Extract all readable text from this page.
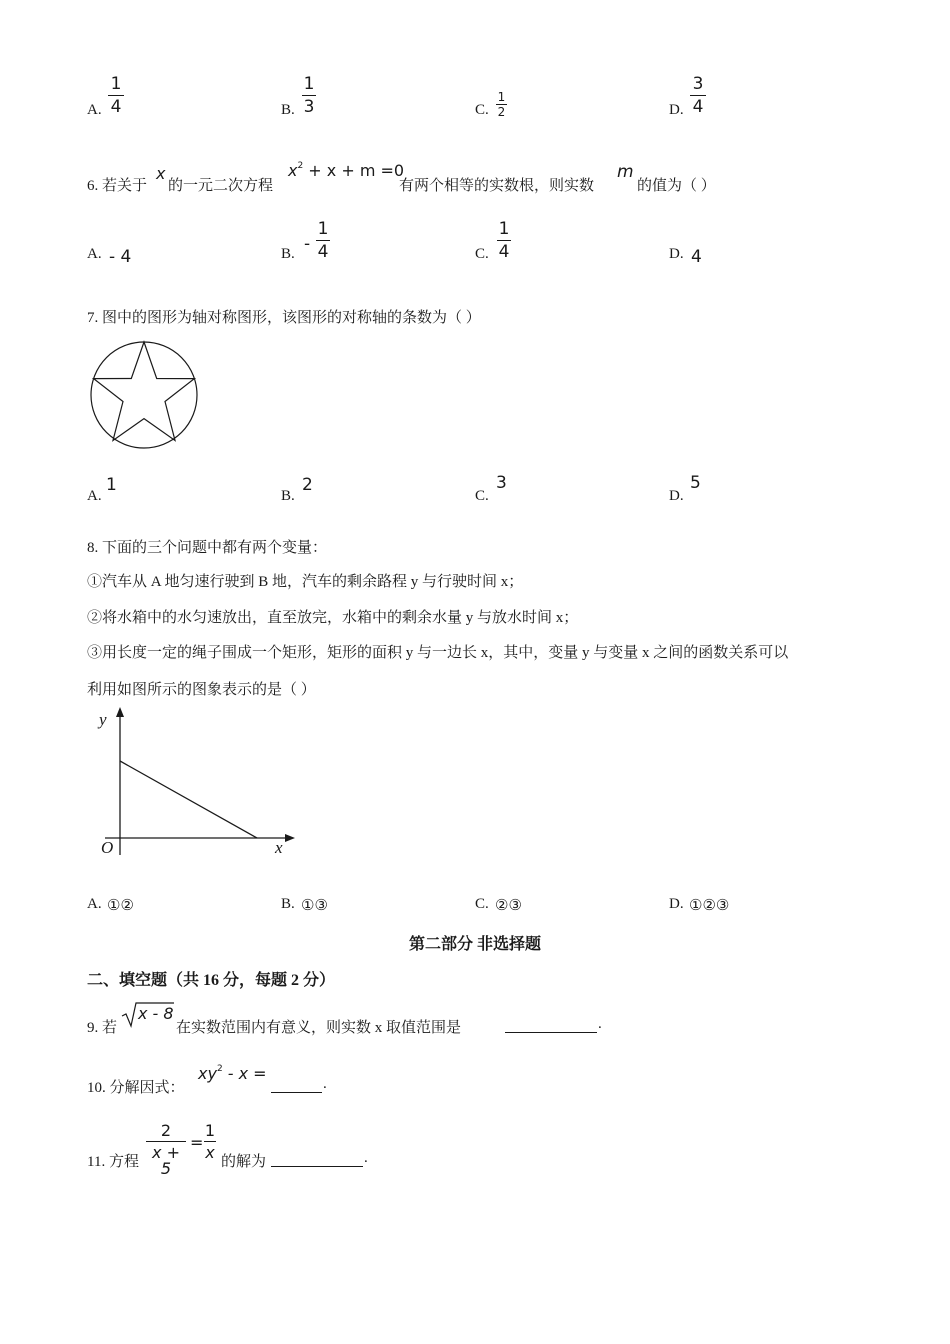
A.
1
4	B.
1
3	C.
1
2	D.
3
4
6. 若关于
x
的一元二次方程
$x^2 + x + m =0$
有两个相等的实数根，则实数
m
的值为（ ）
A. - 4	B. -
1
4	C.
1
4	D. 4
7. 图中的图形为轴对称图形，该图形的对称轴的条数为（ ）
A.
1
B.
2
C.
3
D.
5
8. 下面的三个问题中都有两个变量：
①汽车从 A 地匀速行驶到 B 地，汽车的剩余路程 y 与行驶时间 x；
②将水箱中的水匀速放出，直至放完，水箱中的剩余水量 y 与放水时间 x；
③用长度一定的绳子围成一个矩形，矩形的面积 y 与一边长 x，其中，变量 y 与变量 x 之间的函数关系可以
利用如图所示的图象表示的是（ ）
y
x
O
A. ①②	B. ①③	C. ②③	D. ①②③
第二部分 非选择题
二、填空题（共 16 分，每题 2 分）
9. 若
x - 8
在实数范围内有意义，则实数 x 取值范围是	.
10. 分解因式：
$xy^2$ - x =
.
11. 方程
2
x + 5
=
1
x 的解为	.
